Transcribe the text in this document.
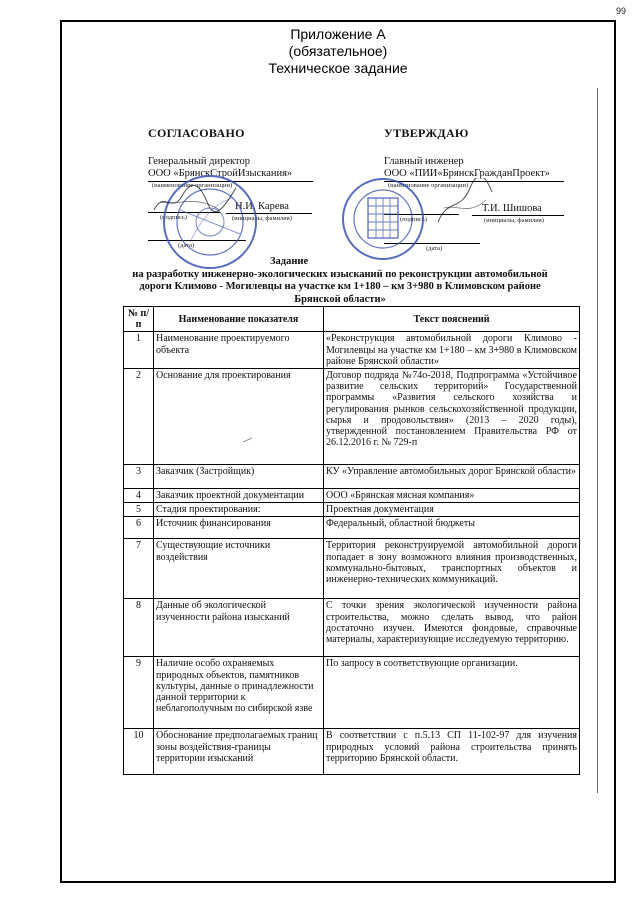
99
Приложение А
(обязательное)
Техническое задание
СОГЛАСОВАНО
Генеральный директор
ООО «БрянскСтройИзыскания»
(наименование организации)
(подпись)
Н.И. Карева
(инициалы, фамилия)
(дата)
УТВЕРЖДАЮ
Главный инженер
ООО «ПИИ«БрянскГражданПроект»
(наименование организации)
(подпись)
Т.И. Шишова
(инициалы, фамилия)
(дата)
Задание
на разработку инженерно-экологических изысканий по реконструкции автомобильной дороги Климово - Могилевцы на участке км 1+180 – км 3+980 в Климовском районе Брянской области»
№ п/п	Наименование показателя	Текст пояснений
1	Наименование проектируемого объекта	«Реконструкция автомобильной дороги Климово - Могилевцы на участке км 1+180 – км 3+980 в Климовском районе Брянской области»
2	Основание для проектирования	Договор подряда №74о-2018, Подпрограмма «Устойчивое развитие сельских территорий» Государственной программы «Развития сельского хозяйства и регулирования рынков сельскохозяйственной продукции, сырья и продовольствия» (2013 – 2020 годы), утвержденной постановлением Правительства РФ от 26.12.2016 г. № 729-п
3	Заказчик (Застройщик)	КУ «Управление автомобильных дорог Брянской области»
4	Заказчик проектной документации	ООО «Брянская мясная компания»
5	Стадия проектирования:	Проектная документация
6	Источник финансирования	Федеральный, областной бюджеты
7	Существующие источники воздействия	Территория реконструируемой автомобильной дороги попадает в зону возможного влияния производственных, коммунально-бытовых, транспортных объектов и инженерно-технических коммуникаций.
8	Данные об экологической изученности района изысканий	С точки зрения экологической изученности района строительства, можно сделать вывод, что район достаточно изучен. Имеются фондовые, справочные материалы, характеризующие исследуемую территорию.
9	Наличие особо охраняемых природных объектов, памятников культуры, данные о принадлежности данной территории к неблагополучным по сибирской язве	По запросу в соответствующие организации.
10	Обоснование предполагаемых границ зоны воздействия-границы территории изысканий	В соответствии с п.5.13 СП 11-102-97 для изучения природных условий района строительства принять территорию Брянской области.
